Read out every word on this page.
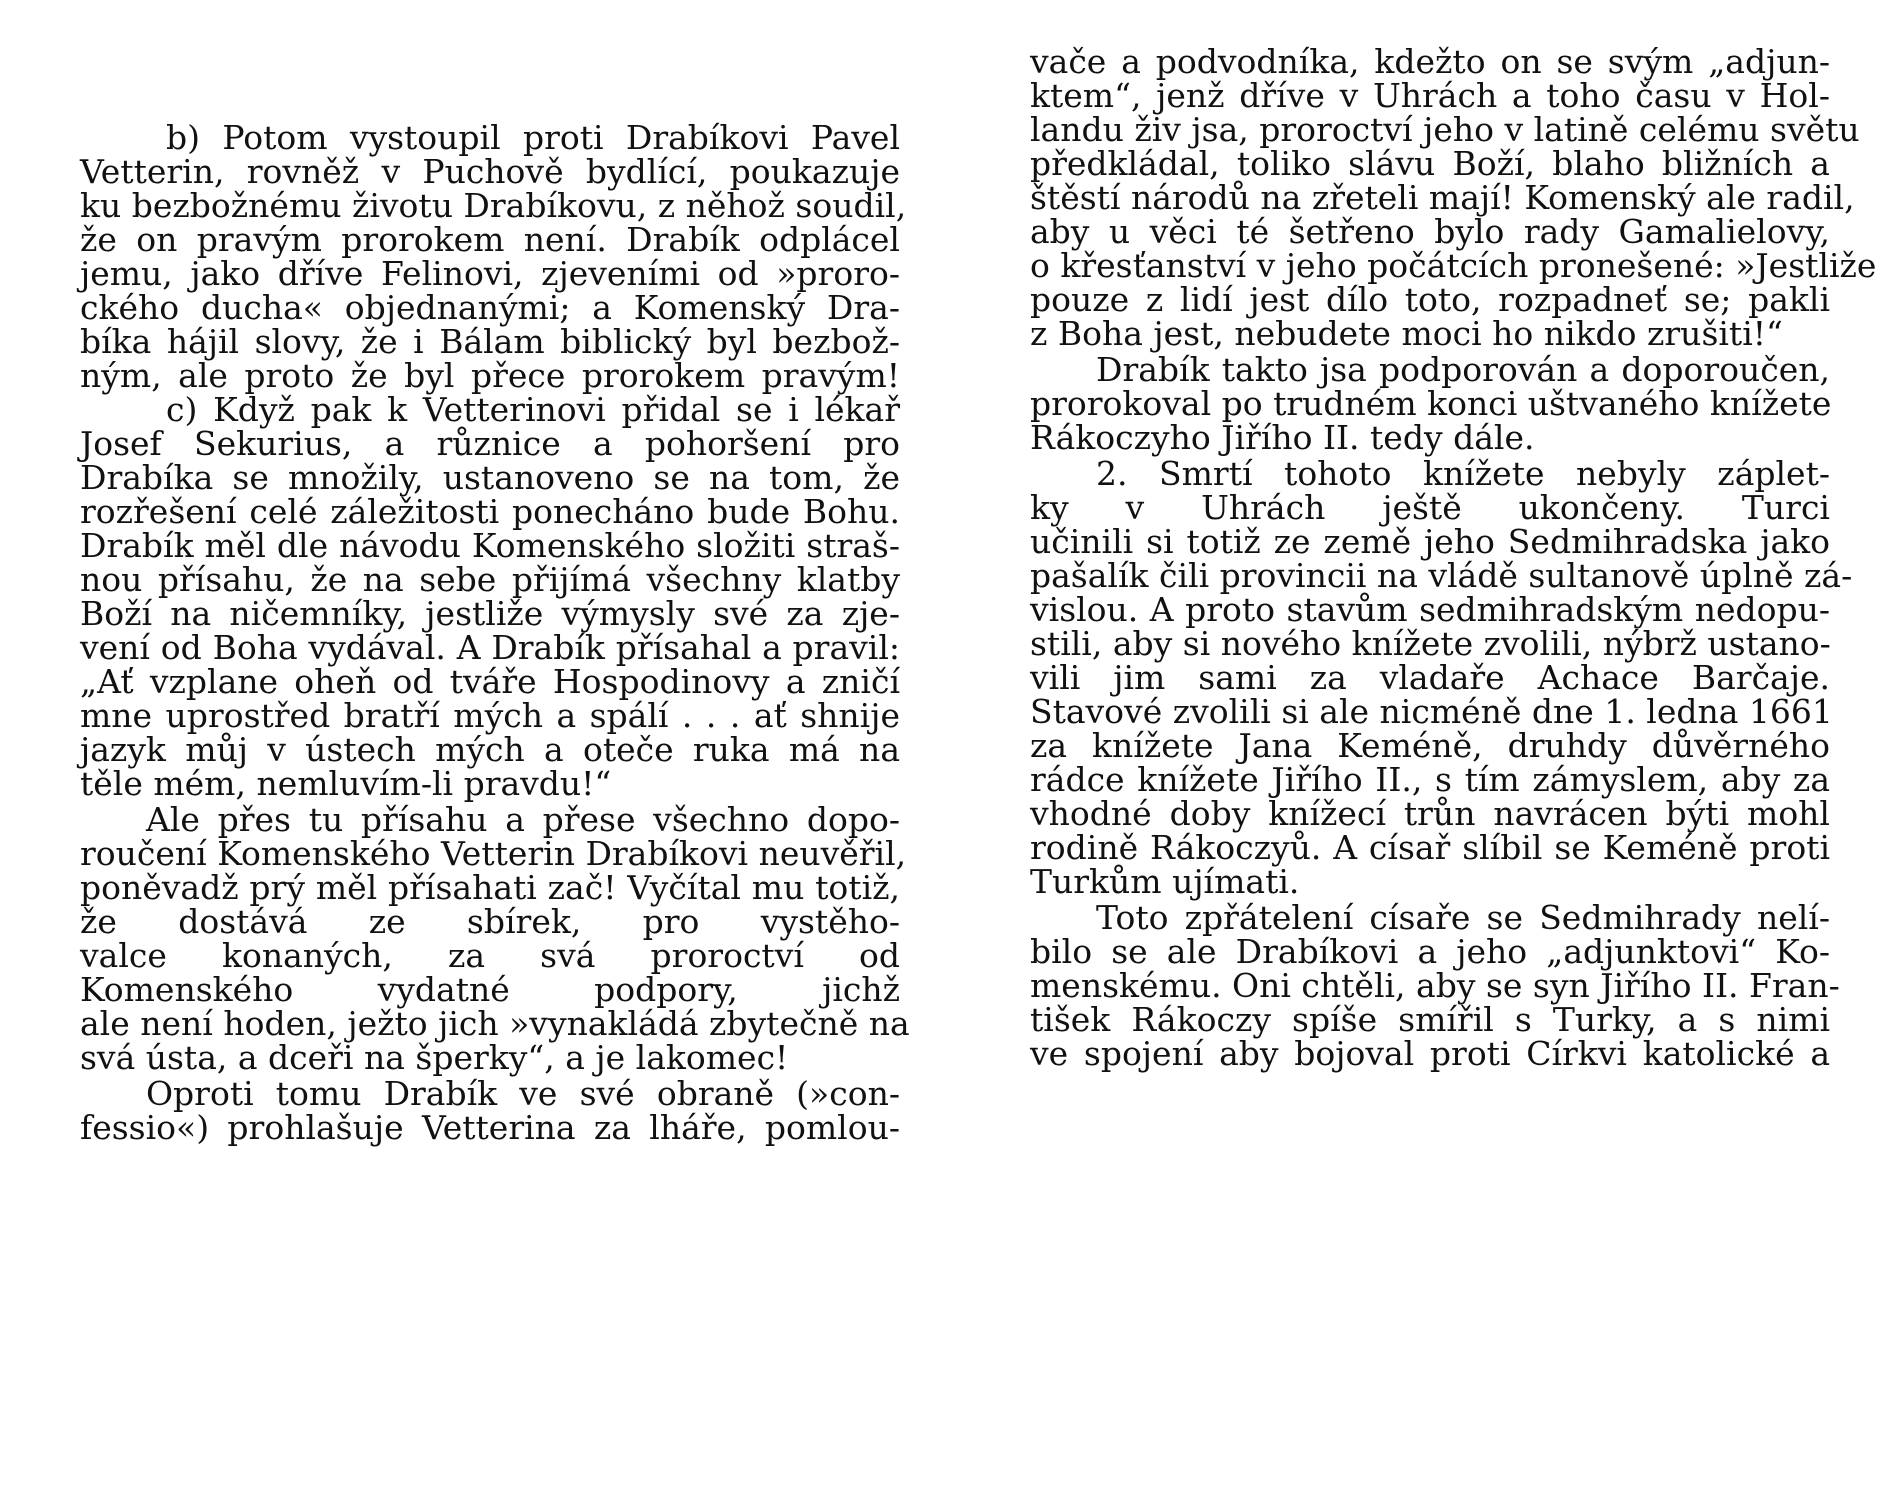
b) Potom vystoupil proti Drabíkovi Pavel
Vetterin, rovněž v Puchově bydlící, poukazuje
ku bezbožnému životu Drabíkovu, z něhož soudil,
že on pravým prorokem není. Drabík odplácel
jemu, jako dříve Felinovi, zjeveními od »proro-
ckého ducha« objednanými; a Komenský Dra-
bíka hájil slovy, že i Bálam biblický byl bezbož-
ným, ale proto že byl přece prorokem pravým!
c) Když pak k Vetterinovi přidal se i lékař
Josef Sekurius, a různice a pohoršení pro
Drabíka se množily, ustanoveno se na tom, že
rozřešení celé záležitosti ponecháno bude Bohu.
Drabík měl dle návodu Komenského složiti straš-
nou přísahu, že na sebe přijímá všechny klatby
Boží na ničemníky, jestliže výmysly své za zje-
vení od Boha vydával. A Drabík přísahal a pravil:
„Ať vzplane oheň od tváře Hospodinovy a zničí
mne uprostřed bratří mých a spálí . . . ať shnije
jazyk můj v ústech mých a oteče ruka má na
těle mém, nemluvím-li pravdu!“
Ale přes tu přísahu a přese všechno dopo-
roučení Komenského Vetterin Drabíkovi neuvěřil,
poněvadž prý měl přísahati zač! Vyčítal mu totiž,
že dostává ze sbírek, pro vystěho-
valce konaných, za svá proroctví od
Komenského vydatné podpory, jichž
ale není hoden, ježto jich »vynakládá zbytečně na
svá ústa, a dceři na šperky“, a je lakomec!
Oproti tomu Drabík ve své obraně (»con-
fessio«) prohlašuje Vetterina za lháře, pomlou-
vače a podvodníka, kdežto on se svým „adjun-
ktem“, jenž dříve v Uhrách a toho času v Hol-
landu živ jsa, proroctví jeho v latině celému světu
předkládal, toliko slávu Boží, blaho bližních a
štěstí národů na zřeteli mají! Komenský ale radil,
aby u věci té šetřeno bylo rady Gamalielovy,
o křesťanství v jeho počátcích pronešené: »Jestliže
pouze z lidí jest dílo toto, rozpadneť se; pakli
z Boha jest, nebudete moci ho nikdo zrušiti!“
Drabík takto jsa podporován a doporoučen,
prorokoval po trudném konci uštvaného knížete
Rákoczyho Jiřího II. tedy dále.
2. Smrtí tohoto knížete nebyly záplet-
ky v Uhrách ještě ukončeny. Turci
učinili si totiž ze země jeho Sedmihradska jako
pašalík čili provincii na vládě sultanově úplně zá-
vislou. A proto stavům sedmihradským nedopu-
stili, aby si nového knížete zvolili, nýbrž ustano-
vili jim sami za vladaře Achace Barčaje.
Stavové zvolili si ale nicméně dne 1. ledna 1661
za knížete Jana Keméně, druhdy důvěrného
rádce knížete Jiřího II., s tím zámyslem, aby za
vhodné doby knížecí trůn navrácen býti mohl
rodině Rákoczyů. A císař slíbil se Keméně proti
Turkům ujímati.
Toto zpřátelení císaře se Sedmihrady nelí-
bilo se ale Drabíkovi a jeho „adjunktovi“ Ko-
menskému. Oni chtěli, aby se syn Jiřího II. Fran-
tišek Rákoczy spíše smířil s Turky, a s nimi
ve spojení aby bojoval proti Církvi katolické a
